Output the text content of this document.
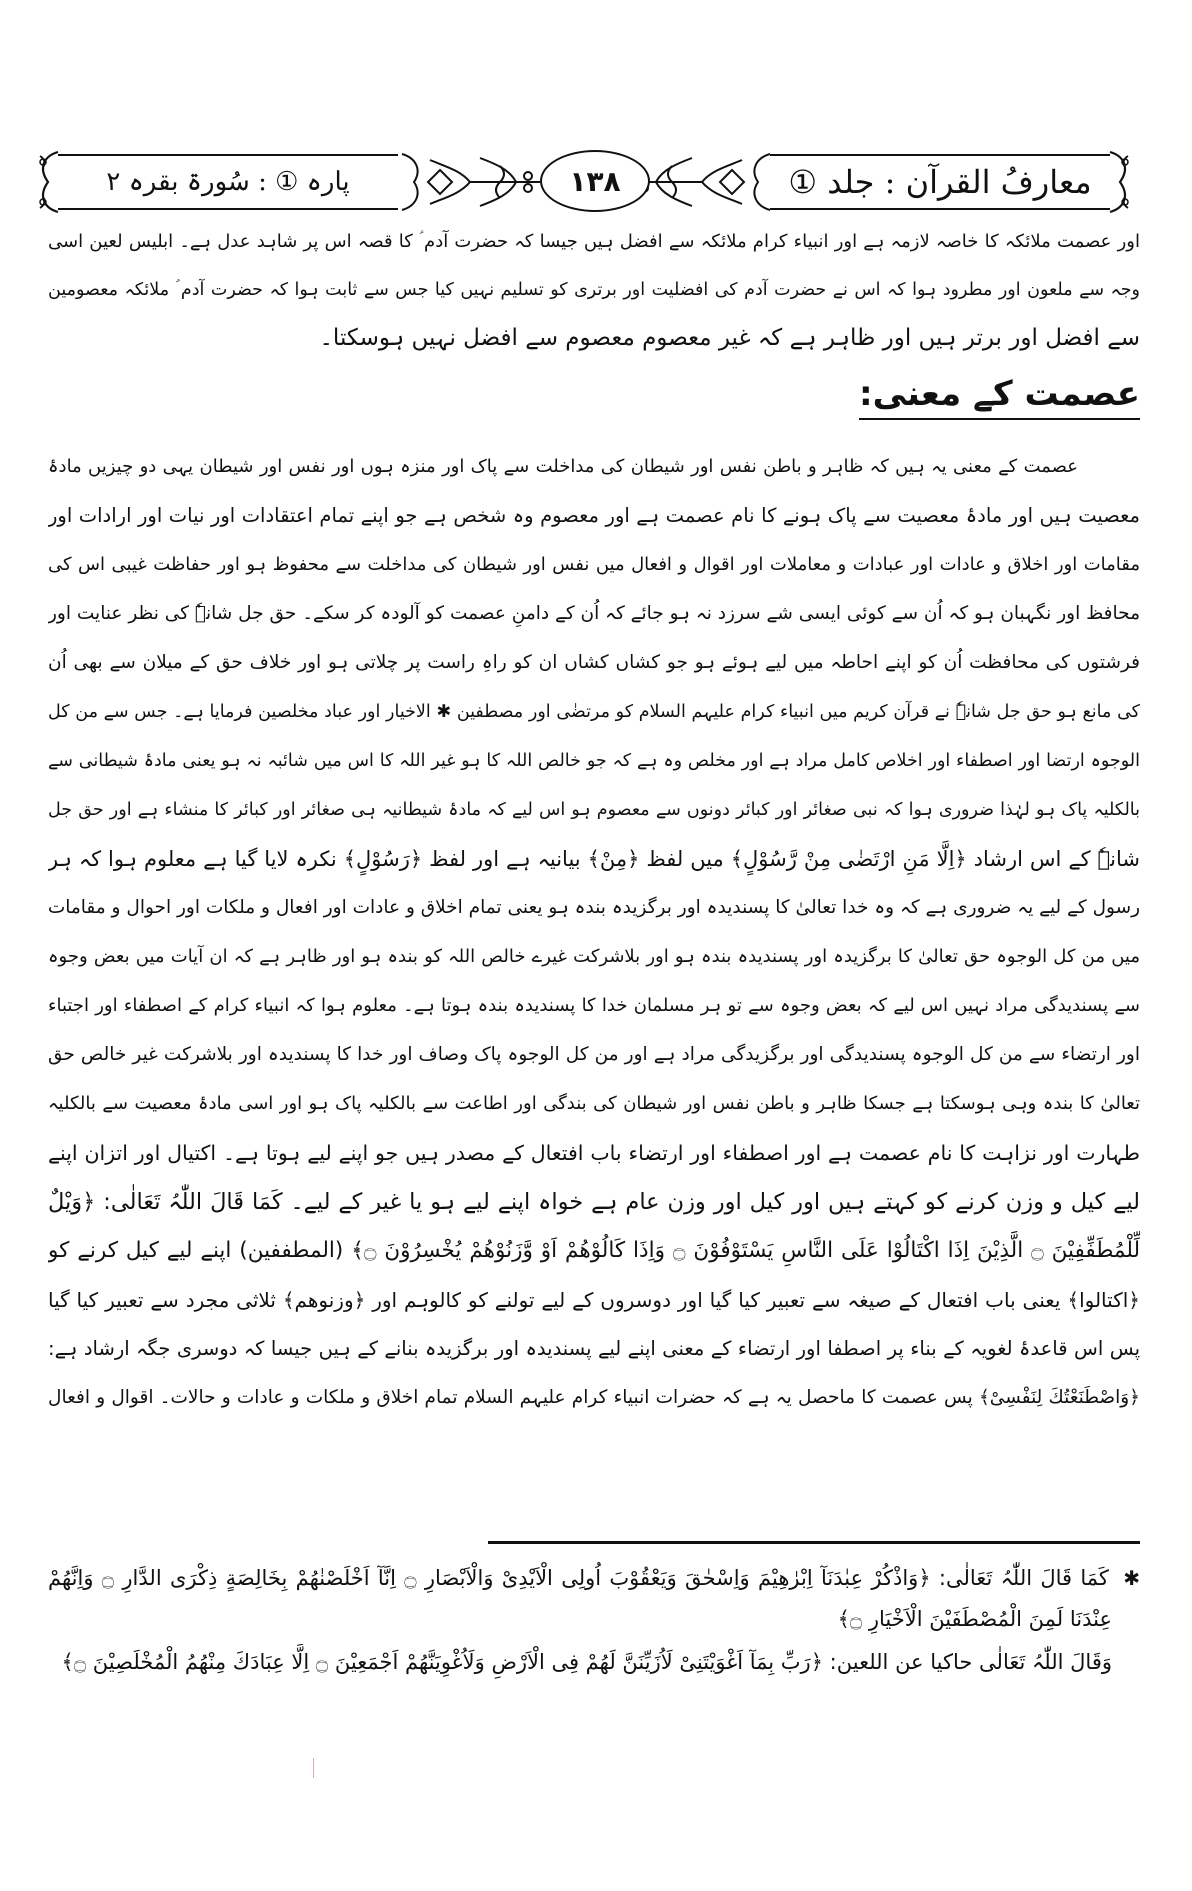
پارہ ① : سُورۃ بقرہ ۲	۱۳۸	معارفُ القرآن : جلد ①
اور عصمت ملائکہ کا خاصہ لازمہ ہے اور انبیاء کرام ملائکہ سے افضل ہیں جیسا کہ حضرت آدم ؑ کا قصہ اس پر شاہد عدل ہے۔ ابلیس لعین اسی
وجہ سے ملعون اور مطرود ہوا کہ اس نے حضرت آدم کی افضلیت اور برتری کو تسلیم نہیں کیا جس سے ثابت ہوا کہ حضرت آدم ؑ ملائکہ معصومین
سے افضل اور برتر ہیں اور ظاہر ہے کہ غیر معصوم معصوم سے افضل نہیں ہوسکتا۔
عصمت کے معنی:
عصمت کے معنی یہ ہیں کہ ظاہر و باطن نفس اور شیطان کی مداخلت سے پاک اور منزہ ہوں اور نفس اور شیطان یہی دو چیزیں مادۂ
معصیت ہیں اور مادۂ معصیت سے پاک ہونے کا نام عصمت ہے اور معصوم وہ شخص ہے جو اپنے تمام اعتقادات اور نیات اور ارادات اور
مقامات اور اخلاق و عادات اور عبادات و معاملات اور اقوال و افعال میں نفس اور شیطان کی مداخلت سے محفوظ ہو اور حفاظت غیبی اس کی
محافظ اور نگہبان ہو کہ اُن سے کوئی ایسی شے سرزد نہ ہو جائے کہ اُن کے دامنِ عصمت کو آلودہ کر سکے۔ حق جل شانہٗ کی نظر عنایت اور
فرشتوں کی محافظت اُن کو اپنے احاطہ میں لیے ہوئے ہو جو کشاں کشاں ان کو راہِ راست پر چلاتی ہو اور خلاف حق کے میلان سے بھی اُن
کی مانع ہو حق جل شانہٗ نے قرآن کریم میں انبیاء کرام علیہم السلام کو مرتضٰی اور مصطفین ✱ الاخیار اور عباد مخلصین فرمایا ہے۔ جس سے من کل
الوجوہ ارتضا اور اصطفاء اور اخلاص کامل مراد ہے اور مخلص وہ ہے کہ جو خالص اللہ کا ہو غیر اللہ کا اس میں شائبہ نہ ہو یعنی مادۂ شیطانی سے
بالکلیہ پاک ہو لہٰذا ضروری ہوا کہ نبی صغائر اور کبائر دونوں سے معصوم ہو اس لیے کہ مادۂ شیطانیہ ہی صغائر اور کبائر کا منشاء ہے اور حق جل
شانہٗ کے اس ارشاد ﴿اِلَّا مَنِ ارْتَضٰی مِنْ رَّسُوْلٍ﴾ میں لفظ ﴿مِنْ﴾ بیانیہ ہے اور لفظ ﴿رَسُوْلٍ﴾ نکرہ لایا گیا ہے معلوم ہوا کہ ہر
رسول کے لیے یہ ضروری ہے کہ وہ خدا تعالیٰ کا پسندیدہ اور برگزیدہ بندہ ہو یعنی تمام اخلاق و عادات اور افعال و ملکات اور احوال و مقامات
میں من کل الوجوہ حق تعالیٰ کا برگزیدہ اور پسندیدہ بندہ ہو اور بلاشرکت غیرے خالص اللہ کو بندہ ہو اور ظاہر ہے کہ ان آیات میں بعض وجوہ
سے پسندیدگی مراد نہیں اس لیے کہ بعض وجوہ سے تو ہر مسلمان خدا کا پسندیدہ بندہ ہوتا ہے۔ معلوم ہوا کہ انبیاء کرام کے اصطفاء اور اجتباء
اور ارتضاء سے من کل الوجوہ پسندیدگی اور برگزیدگی مراد ہے اور من کل الوجوہ پاک وصاف اور خدا کا پسندیدہ اور بلاشرکت غیر خالص حق
تعالیٰ کا بندہ وہی ہوسکتا ہے جسکا ظاہر و باطن نفس اور شیطان کی بندگی اور اطاعت سے بالکلیہ پاک ہو اور اسی مادۂ معصیت سے بالکلیہ
طہارت اور نزاہت کا نام عصمت ہے اور اصطفاء اور ارتضاء باب افتعال کے مصدر ہیں جو اپنے لیے ہوتا ہے۔ اکتیال اور اتزان اپنے
لیے کیل و وزن کرنے کو کہتے ہیں اور کیل اور وزن عام ہے خواہ اپنے لیے ہو یا غیر کے لیے۔ کَمَا قَالَ اللّٰہُ تَعَالٰی: ﴿وَیْلٌ
لِّلْمُطَفِّفِیْنَ ۝ الَّذِیْنَ اِذَا اكْتَالُوْا عَلَی النَّاسِ یَسْتَوْفُوْنَ ۝ وَاِذَا كَالُوْھُمْ اَوْ وَّزَنُوْھُمْ یُخْسِرُوْنَ ۝﴾ (المطففین) اپنے لیے کیل کرنے کو
﴿اکتالوا﴾ یعنی باب افتعال کے صیغہ سے تعبیر کیا گیا اور دوسروں کے لیے تولنے کو کالوہم اور ﴿وزنوھم﴾ ثلاثی مجرد سے تعبیر کیا گیا
پس اس قاعدۂ لغویہ کے بناء پر اصطفا اور ارتضاء کے معنی اپنے لیے پسندیدہ اور برگزیدہ بنانے کے ہیں جیسا کہ دوسری جگہ ارشاد ہے:
﴿وَاصْطَنَعْتُكَ لِنَفْسِیْ﴾ پس عصمت کا ماحصل یہ ہے کہ حضرات انبیاء کرام علیہم السلام تمام اخلاق و ملکات و عادات و حالات۔ اقوال و افعال
✱ کَمَا قَالَ اللّٰہُ تَعَالٰی: ﴿وَاذْكُرْ عِبٰدَنَآ اِبْرٰھِیْمَ وَاِسْحٰقَ وَیَعْقُوْبَ اُولِی الْاَیْدِیْ وَالْاَبْصَارِ ۝ اِنَّآ اَخْلَصْنٰھُمْ بِخَالِصَةٍ ذِكْرَی الدَّارِ ۝ وَاِنَّھُمْ
عِنْدَنَا لَمِنَ الْمُصْطَفَیْنَ الْاَخْیَارِ ۝﴾
وَقَالَ اللّٰہُ تَعَالٰی حاکیا عن اللعین: ﴿رَبِّ بِمَآ اَغْوَیْتَنِیْ لَاُزَیِّنَنَّ لَھُمْ فِی الْاَرْضِ وَلَاُغْوِیَنَّھُمْ اَجْمَعِیْنَ ۝ اِلَّا عِبَادَكَ مِنْھُمُ الْمُخْلَصِیْنَ ۝﴾
